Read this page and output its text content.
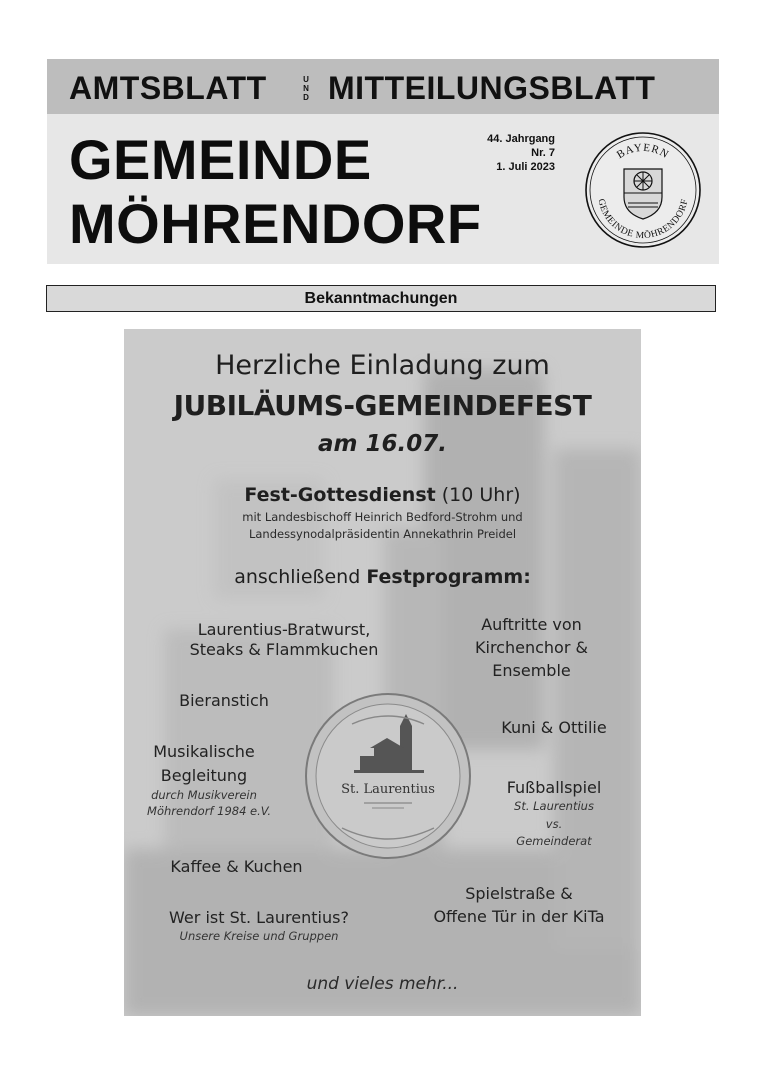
AMTSBLATT	U
N
D MITTEILUNGSBLATT
GEMEINDE
MÖHRENDORF
44. Jahrgang
Nr. 7
1. Juli 2023
BAYERN
GEMEINDE MÖHRENDORF
Bekanntmachungen
Herzliche Einladung zum
JUBILÄUMS-GEMEINDEFEST
am 16.07.
Fest-Gottesdienst (10 Uhr)
mit Landesbischoff Heinrich Bedford-Strohm und
Landessynodalpräsidentin Annekathrin Preidel
anschließend Festprogramm:
Laurentius-Bratwurst,
Steaks & Flammkuchen
Bieranstich
Musikalische
Begleitung
durch Musikverein
Möhrendorf 1984 e.V.
Kaffee & Kuchen
Wer ist St. Laurentius?
Unsere Kreise und Gruppen
Auftritte von
Kirchenchor &
Ensemble
Kuni & Ottilie
Fußballspiel
St. Laurentius
vs.
Gemeinderat
Spielstraße &
Offene Tür in der KiTa
St. Laurentius
und vieles mehr...
